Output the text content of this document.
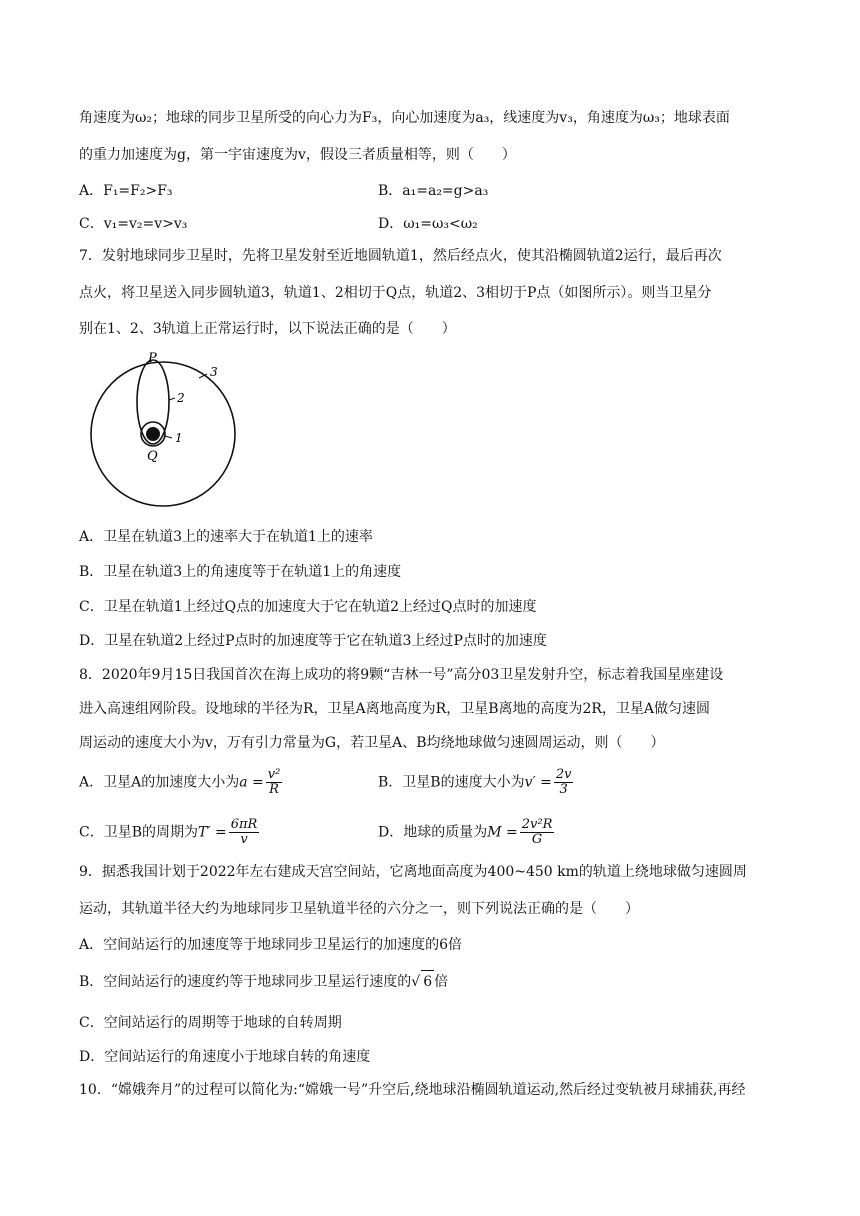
角速度为ω₂；地球的同步卫星所受的向心力为F₃，向心加速度为a₃，线速度为v₃，角速度为ω₃；地球表面
的重力加速度为g，第一宇宙速度为v，假设三者质量相等，则（　　）
A．F₁=F₂>F₃	B．a₁=a₂=g>a₃
C．v₁=v₂=v>v₃	D．ω₁=ω₃<ω₂
7．发射地球同步卫星时，先将卫星发射至近地圆轨道1，然后经点火，使其沿椭圆轨道2运行，最后再次
点火，将卫星送入同步圆轨道3，轨道1、2相切于Q点，轨道2、3相切于P点（如图所示）。则当卫星分
别在1、2、3轨道上正常运行时，以下说法正确的是（　　）
P
3
2
1
Q
A．卫星在轨道3上的速率大于在轨道1上的速率
B．卫星在轨道3上的角速度等于在轨道1上的角速度
C．卫星在轨道1上经过Q点的加速度大于它在轨道2上经过Q点时的加速度
D．卫星在轨道2上经过P点时的加速度等于它在轨道3上经过P点时的加速度
8．2020年9月15日我国首次在海上成功的将9颗“吉林一号”高分03卫星发射升空，标志着我国星座建设
进入高速组网阶段。设地球的半径为R，卫星A离地高度为R，卫星B离地的高度为2R，卫星A做匀速圆
周运动的速度大小为v，万有引力常量为G，若卫星A、B均绕地球做匀速圆周运动，则（　　）
A．卫星A的加速度大小为$a = \frac{\text{v²}}{R}$	B．卫星B的速度大小为$v' = \frac{2v}{3}$
C．卫星B的周期为$T' = \frac{6\pi R}{v}$	D．地球的质量为$M = \frac{\text{2v²R}}{G}$
9．据悉我国计划于2022年左右建成天宫空间站，它离地面高度为400~450 km的轨道上绕地球做匀速圆周
运动，其轨道半径大约为地球同步卫星轨道半径的六分之一，则下列说法正确的是（　　）
A．空间站运行的加速度等于地球同步卫星运行的加速度的6倍
B．空间站运行的速度约等于地球同步卫星运行速度的√ 6 倍
C．空间站运行的周期等于地球的自转周期
D．空间站运行的角速度小于地球自转的角速度
10．“嫦娥奔月”的过程可以简化为:“嫦娥一号”升空后,绕地球沿椭圆轨道运动,然后经过变轨被月球捕获,再经
